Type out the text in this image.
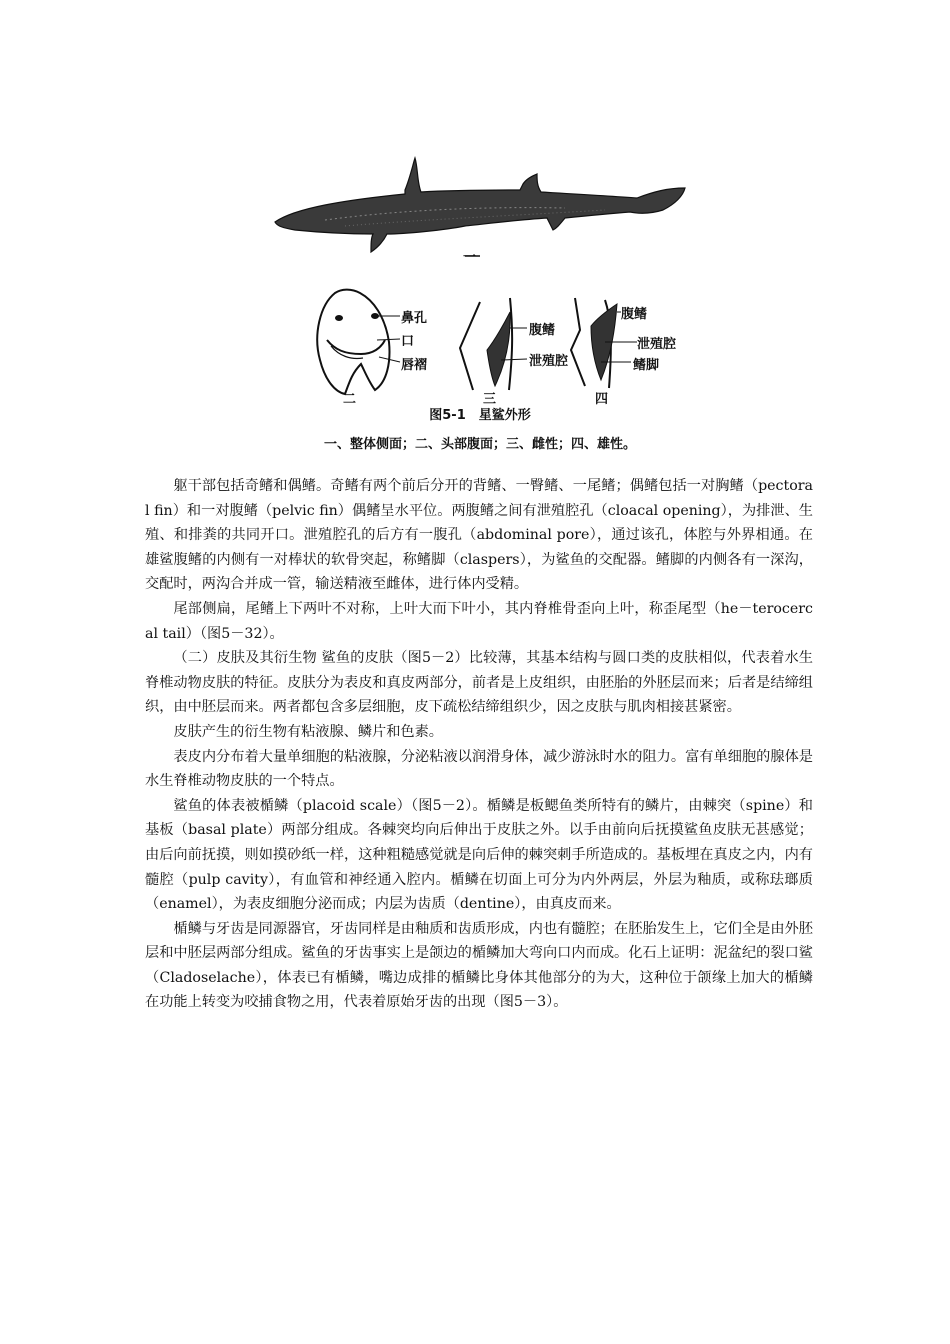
一
二	三	四
鼻孔
口
唇褶
腹鳍
泄殖腔
腹鳍
泄殖腔
鳍脚
图5-1　星鲨外形
一、整体侧面；二、头部腹面；三、雌性；四、雄性。

躯干部包括奇鳍和偶鳍。奇鳍有两个前后分开的背鳍、一臀鳍、一尾鳍；偶鳍包括一对胸鳍（pectoral fin）和一对腹鳍（pelvic fin）偶鳍呈水平位。两腹鳍之间有泄殖腔孔（cloacal opening），为排泄、生殖、和排粪的共同开口。泄殖腔孔的后方有一腹孔（abdominal pore），通过该孔，体腔与外界相通。在雄鲨腹鳍的内侧有一对棒状的软骨突起，称鳍脚（claspers），为鲨鱼的交配器。鳍脚的内侧各有一深沟，交配时，两沟合并成一管，输送精液至雌体，进行体内受精。

尾部侧扁，尾鳍上下两叶不对称，上叶大而下叶小，其内脊椎骨歪向上叶，称歪尾型（he－terocercal tail）（图5－32）。

（二）皮肤及其衍生物 鲨鱼的皮肤（图5－2）比较薄，其基本结构与圆口类的皮肤相似，代表着水生脊椎动物皮肤的特征。皮肤分为表皮和真皮两部分，前者是上皮组织，由胚胎的外胚层而来；后者是结缔组织，由中胚层而来。两者都包含多层细胞，皮下疏松结缔组织少，因之皮肤与肌肉相接甚紧密。

皮肤产生的衍生物有粘液腺、鳞片和色素。

表皮内分布着大量单细胞的粘液腺，分泌粘液以润滑身体，减少游泳时水的阻力。富有单细胞的腺体是水生脊椎动物皮肤的一个特点。

鲨鱼的体表被楯鳞（placoid scale）（图5－2）。楯鳞是板鳃鱼类所特有的鳞片，由棘突（spine）和基板（basal plate）两部分组成。各棘突均向后伸出于皮肤之外。以手由前向后抚摸鲨鱼皮肤无甚感觉；由后向前抚摸，则如摸砂纸一样，这种粗糙感觉就是向后伸的棘突刺手所造成的。基板埋在真皮之内，内有髓腔（pulp cavity），有血管和神经通入腔内。楯鳞在切面上可分为内外两层，外层为釉质，或称珐瑯质（enamel），为表皮细胞分泌而成；内层为齿质（dentine），由真皮而来。

楯鳞与牙齿是同源器官，牙齿同样是由釉质和齿质形成，内也有髓腔；在胚胎发生上，它们全是由外胚层和中胚层两部分组成。鲨鱼的牙齿事实上是颌边的楯鳞加大弯向口内而成。化石上证明：泥盆纪的裂口鲨（Cladoselache），体表已有楯鳞，嘴边成排的楯鳞比身体其他部分的为大，这种位于颌缘上加大的楯鳞在功能上转变为咬捕食物之用，代表着原始牙齿的出现（图5－3）。
